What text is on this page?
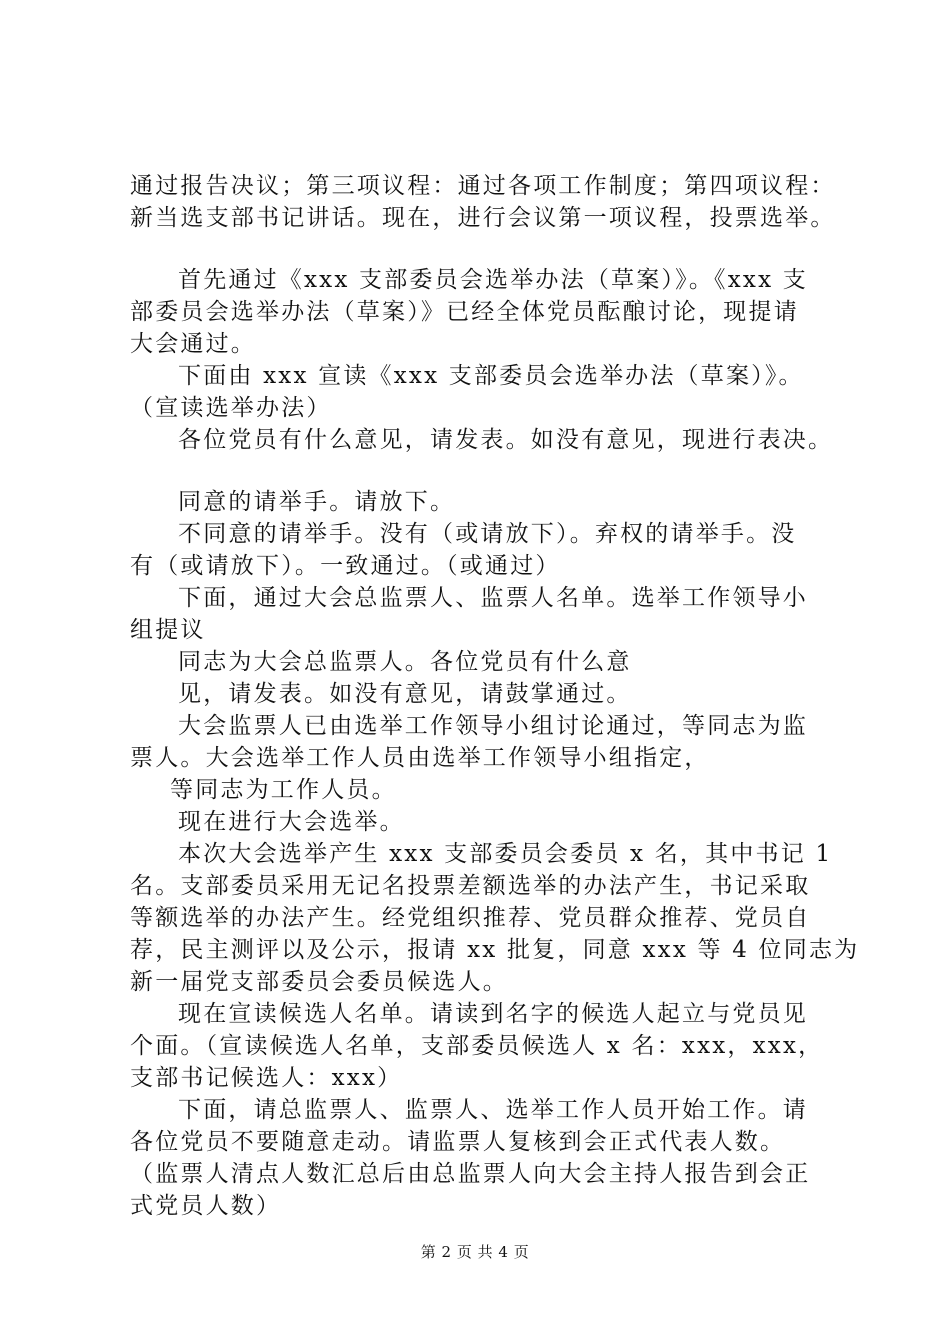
通过报告决议；第三项议程：通过各项工作制度；第四项议程：
新当选支部书记讲话。现在，进行会议第一项议程，投票选举。
首先通过《xxx 支部委员会选举办法（草案）》。《xxx 支
部委员会选举办法（草案）》已经全体党员酝酿讨论，现提请
大会通过。
下面由 xxx 宣读《xxx 支部委员会选举办法（草案）》。
（宣读选举办法）
各位党员有什么意见，请发表。如没有意见，现进行表决。
同意的请举手。请放下。
不同意的请举手。没有（或请放下）。弃权的请举手。没
有（或请放下）。一致通过。（或通过）
下面，通过大会总监票人、监票人名单。选举工作领导小
组提议
同志为大会总监票人。各位党员有什么意
见，请发表。如没有意见，请鼓掌通过。
大会监票人已由选举工作领导小组讨论通过，等同志为监
票人。大会选举工作人员由选举工作领导小组指定，
等同志为工作人员。
现在进行大会选举。
本次大会选举产生 xxx 支部委员会委员 x 名，其中书记 1
名。支部委员采用无记名投票差额选举的办法产生，书记采取
等额选举的办法产生。经党组织推荐、党员群众推荐、党员自
荐，民主测评以及公示，报请 xx 批复，同意 xxx 等 4 位同志为
新一届党支部委员会委员候选人。
现在宣读候选人名单。请读到名字的候选人起立与党员见
个面。（宣读候选人名单，支部委员候选人 x 名：xxx，xxx，
支部书记候选人：xxx）
下面，请总监票人、监票人、选举工作人员开始工作。请
各位党员不要随意走动。请监票人复核到会正式代表人数。
（监票人清点人数汇总后由总监票人向大会主持人报告到会正
式党员人数）
第 2 页 共 4 页
